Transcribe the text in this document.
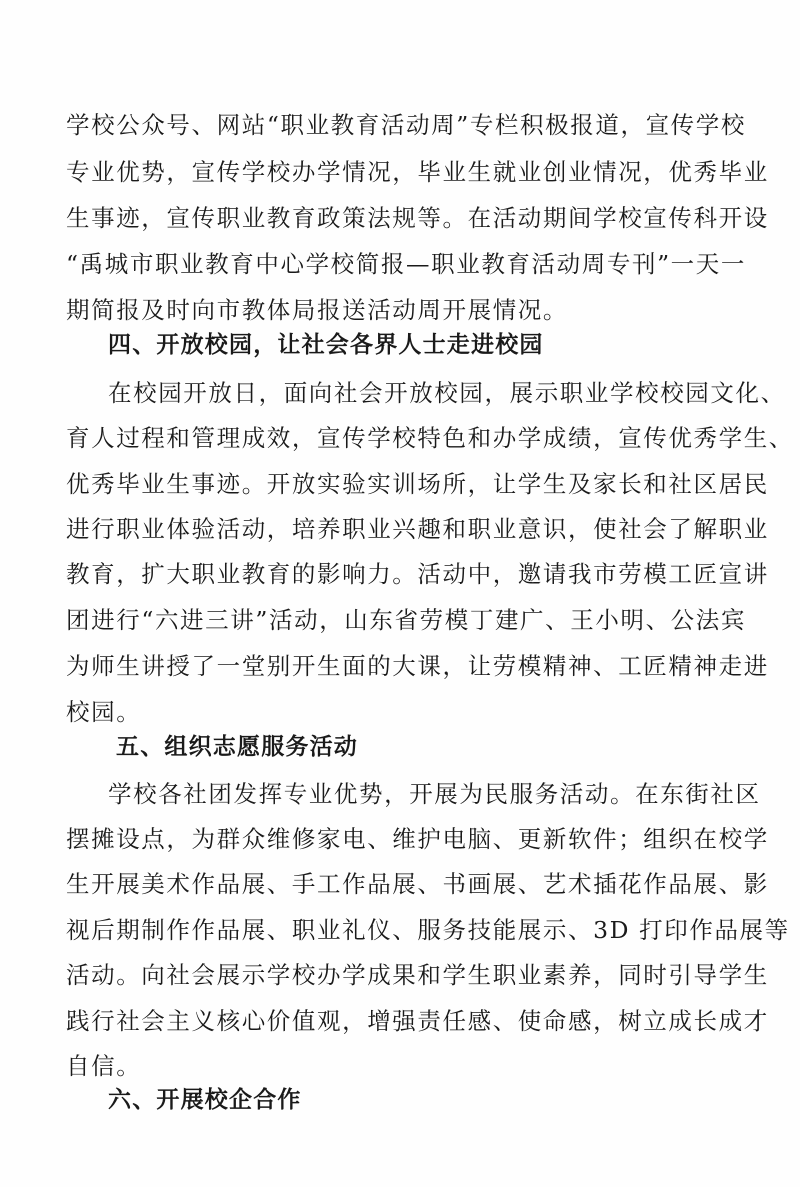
学校公众号、网站“职业教育活动周”专栏积极报道，宣传学校
专业优势，宣传学校办学情况，毕业生就业创业情况，优秀毕业
生事迹，宣传职业教育政策法规等。在活动期间学校宣传科开设
“禹城市职业教育中心学校简报—职业教育活动周专刊”一天一
期简报及时向市教体局报送活动周开展情况。
四、开放校园，让社会各界人士走进校园
在校园开放日，面向社会开放校园，展示职业学校校园文化、
育人过程和管理成效，宣传学校特色和办学成绩，宣传优秀学生、
优秀毕业生事迹。开放实验实训场所，让学生及家长和社区居民
进行职业体验活动，培养职业兴趣和职业意识，使社会了解职业
教育，扩大职业教育的影响力。活动中，邀请我市劳模工匠宣讲
团进行“六进三讲”活动，山东省劳模丁建广、王小明、公法宾
为师生讲授了一堂别开生面的大课，让劳模精神、工匠精神走进
校园。
五、组织志愿服务活动
学校各社团发挥专业优势，开展为民服务活动。在东街社区
摆摊设点，为群众维修家电、维护电脑、更新软件；组织在校学
生开展美术作品展、手工作品展、书画展、艺术插花作品展、影
视后期制作作品展、职业礼仪、服务技能展示、3D 打印作品展等
活动。向社会展示学校办学成果和学生职业素养，同时引导学生
践行社会主义核心价值观，增强责任感、使命感，树立成长成才
自信。
六、开展校企合作
